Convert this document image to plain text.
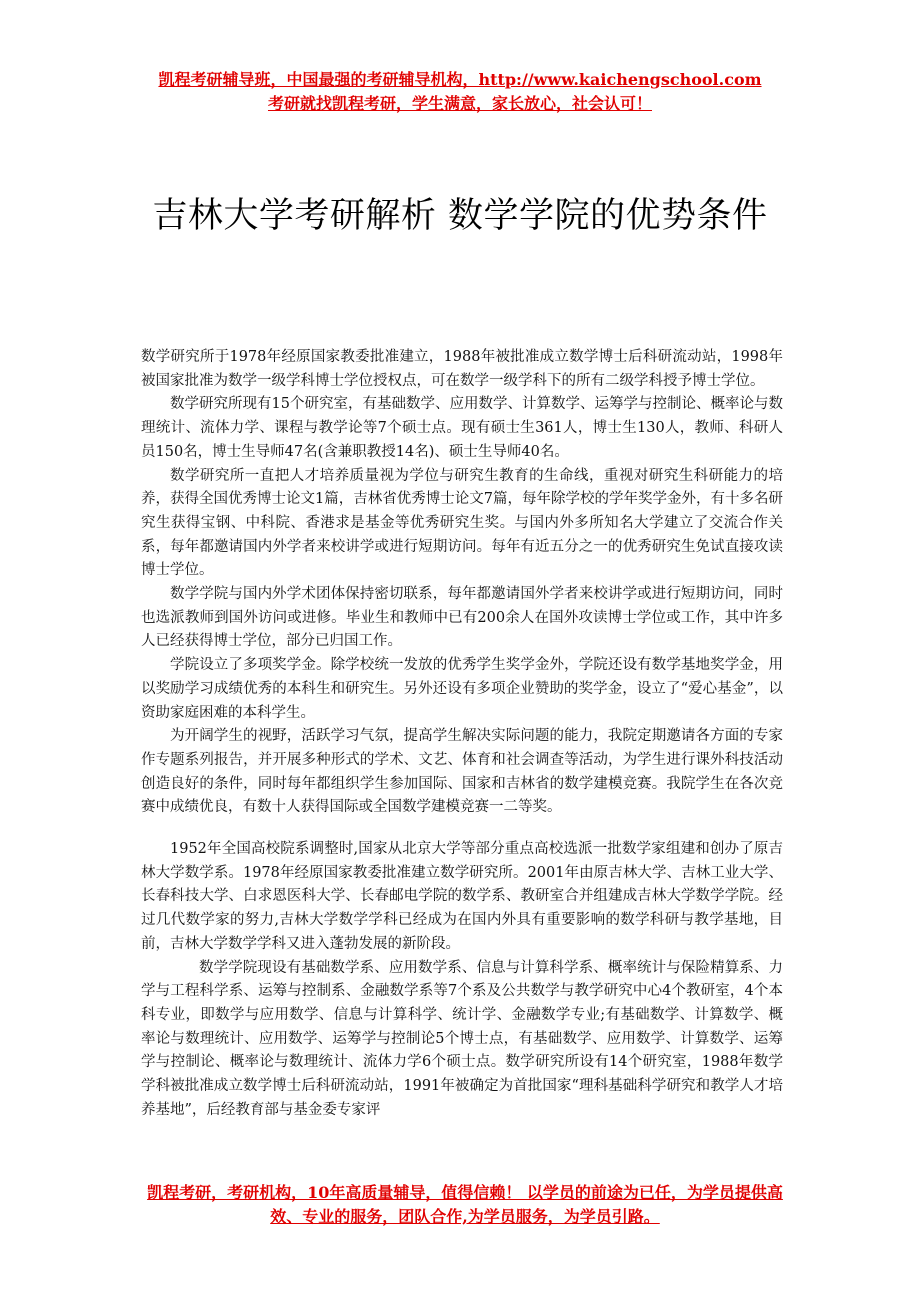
凯程考研辅导班，中国最强的考研辅导机构，http://www.kaichengschool.com
考研就找凯程考研，学生满意，家长放心，社会认可！
吉林大学考研解析 数学学院的优势条件

数学研究所于1978年经原国家教委批准建立，1988年被批准成立数学博士后科研流动站，1998年被国家批准为数学一级学科博士学位授权点，可在数学一级学科下的所有二级学科授予博士学位。

数学研究所现有15个研究室，有基础数学、应用数学、计算数学、运筹学与控制论、概率论与数理统计、流体力学、课程与教学论等7个硕士点。现有硕士生361人，博士生130人，教师、科研人员150名，博士生导师47名(含兼职教授14名)、硕士生导师40名。

数学研究所一直把人才培养质量视为学位与研究生教育的生命线，重视对研究生科研能力的培养，获得全国优秀博士论文1篇，吉林省优秀博士论文7篇，每年除学校的学年奖学金外，有十多名研究生获得宝钢、中科院、香港求是基金等优秀研究生奖。与国内外多所知名大学建立了交流合作关系，每年都邀请国内外学者来校讲学或进行短期访问。每年有近五分之一的优秀研究生免试直接攻读博士学位。

数学学院与国内外学术团体保持密切联系，每年都邀请国外学者来校讲学或进行短期访问，同时也选派教师到国外访问或进修。毕业生和教师中已有200余人在国外攻读博士学位或工作，其中许多人已经获得博士学位，部分已归国工作。

学院设立了多项奖学金。除学校统一发放的优秀学生奖学金外，学院还设有数学基地奖学金，用以奖励学习成绩优秀的本科生和研究生。另外还设有多项企业赞助的奖学金，设立了“爱心基金”，以资助家庭困难的本科学生。

为开阔学生的视野，活跃学习气氛，提高学生解决实际问题的能力，我院定期邀请各方面的专家作专题系列报告，并开展多种形式的学术、文艺、体育和社会调查等活动，为学生进行课外科技活动创造良好的条件，同时每年都组织学生参加国际、国家和吉林省的数学建模竞赛。我院学生在各次竞赛中成绩优良，有数十人获得国际或全国数学建模竞赛一二等奖。

1952年全国高校院系调整时,国家从北京大学等部分重点高校选派一批数学家组建和创办了原吉林大学数学系。1978年经原国家教委批准建立数学研究所。2001年由原吉林大学、吉林工业大学、长春科技大学、白求恩医科大学、长春邮电学院的数学系、教研室合并组建成吉林大学数学学院。经过几代数学家的努力,吉林大学数学学科已经成为在国内外具有重要影响的数学科研与教学基地，目前，吉林大学数学学科又进入蓬勃发展的新阶段。

数学学院现设有基础数学系、应用数学系、信息与计算科学系、概率统计与保险精算系、力学与工程科学系、运筹与控制系、金融数学系等7个系及公共数学与教学研究中心4个教研室，4个本科专业，即数学与应用数学、信息与计算科学、统计学、金融数学专业;有基础数学、计算数学、概率论与数理统计、应用数学、运筹学与控制论5个博士点，有基础数学、应用数学、计算数学、运筹学与控制论、概率论与数理统计、流体力学6个硕士点。数学研究所设有14个研究室，1988年数学学科被批准成立数学博士后科研流动站，1991年被确定为首批国家“理科基础科学研究和教学人才培养基地”，后经教育部与基金委专家评

凯程考研，考研机构，10年高质量辅导，值得信赖！ 以学员的前途为已任，为学员提供高效、专业的服务，团队合作,为学员服务，为学员引路。
